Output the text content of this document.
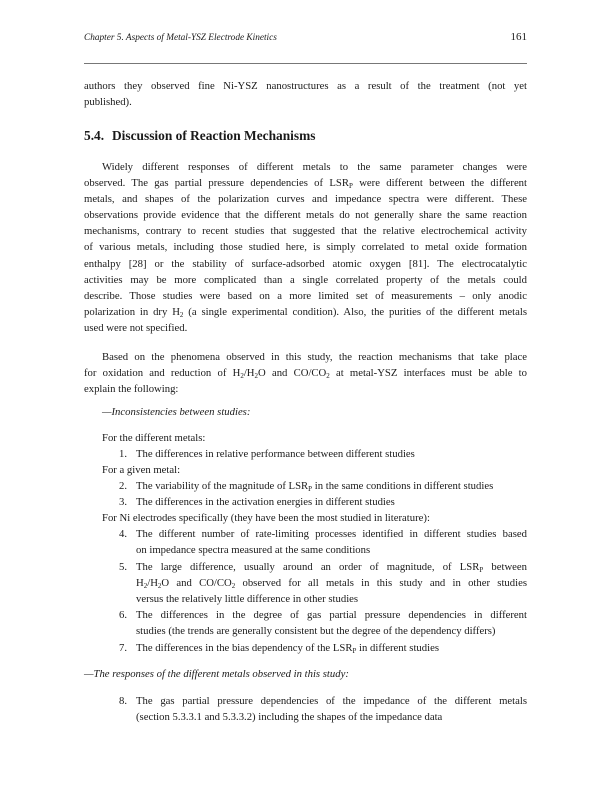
Chapter 5. Aspects of Metal-YSZ Electrode Kinetics	161
authors they observed fine Ni-YSZ nanostructures as a result of the treatment (not yet
published).
5.4. Discussion of Reaction Mechanisms
Widely different responses of different metals to the same parameter changes were
observed. The gas partial pressure dependencies of $LSR_P$ were different between the different
metals, and shapes of the polarization curves and impedance spectra were different. These
observations provide evidence that the different metals do not generally share the same reaction
mechanisms, contrary to recent studies that suggested that the relative electrochemical activity
of various metals, including those studied here, is simply correlated to metal oxide formation
enthalpy [28] or the stability of surface-adsorbed atomic oxygen [81]. The electrocatalytic
activities may be more complicated than a single correlated property of the metals could
describe. Those studies were based on a more limited set of measurements – only anodic
polarization in dry $H_2$ (a single experimental condition). Also, the purities of the different metals
used were not specified.
Based on the phenomena observed in this study, the reaction mechanisms that take place
for oxidation and reduction of $H_2/H_2O$ and $CO/CO_2$ at metal-YSZ interfaces must be able to
explain the following:
—Inconsistencies between studies:
For the different metals:
1. The differences in relative performance between different studies
For a given metal:
2. The variability of the magnitude of $LSR_P$ in the same conditions in different studies
3. The differences in the activation energies in different studies
For Ni electrodes specifically (they have been the most studied in literature):
4. The different number of rate-limiting processes identified in different studies based
on impedance spectra measured at the same conditions
5. The large difference, usually around an order of magnitude, of $LSR_P$ between
$H_2/H_2O$ and $CO/CO_2$ observed for all metals in this study and in other studies
versus the relatively little difference in other studies
6. The differences in the degree of gas partial pressure dependencies in different
studies (the trends are generally consistent but the degree of the dependency differs)
7. The differences in the bias dependency of the $LSR_P$ in different studies
—The responses of the different metals observed in this study:
8. The gas partial pressure dependencies of the impedance of the different metals
(section 5.3.3.1 and 5.3.3.2) including the shapes of the impedance data
